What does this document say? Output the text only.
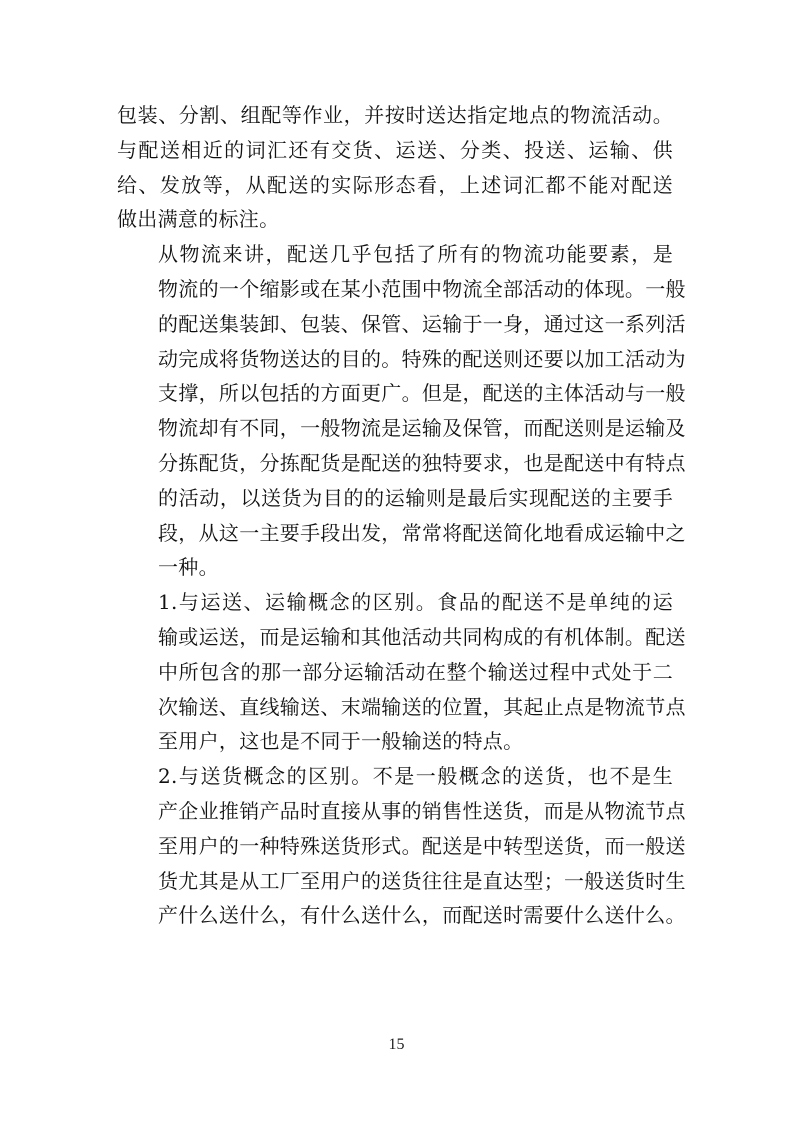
包装、分割、组配等作业，并按时送达指定地点的物流活动。
与配送相近的词汇还有交货、运送、分类、投送、运输、供
给、发放等，从配送的实际形态看，上述词汇都不能对配送
做出满意的标注。

从物流来讲，配送几乎包括了所有的物流功能要素，是
物流的一个缩影或在某小范围中物流全部活动的体现。一般
的配送集装卸、包装、保管、运输于一身，通过这一系列活
动完成将货物送达的目的。特殊的配送则还要以加工活动为
支撑，所以包括的方面更广。但是，配送的主体活动与一般
物流却有不同，一般物流是运输及保管，而配送则是运输及
分拣配货，分拣配货是配送的独特要求，也是配送中有特点
的活动，以送货为目的的运输则是最后实现配送的主要手
段，从这一主要手段出发，常常将配送简化地看成运输中之
一种。

1.与运送、运输概念的区别。食品的配送不是单纯的运
输或运送，而是运输和其他活动共同构成的有机体制。配送
中所包含的那一部分运输活动在整个输送过程中式处于二
次输送、直线输送、末端输送的位置，其起止点是物流节点
至用户，这也是不同于一般输送的特点。

2.与送货概念的区别。不是一般概念的送货，也不是生
产企业推销产品时直接从事的销售性送货，而是从物流节点
至用户的一种特殊送货形式。配送是中转型送货，而一般送
货尤其是从工厂至用户的送货往往是直达型；一般送货时生
产什么送什么，有什么送什么，而配送时需要什么送什么。

15
